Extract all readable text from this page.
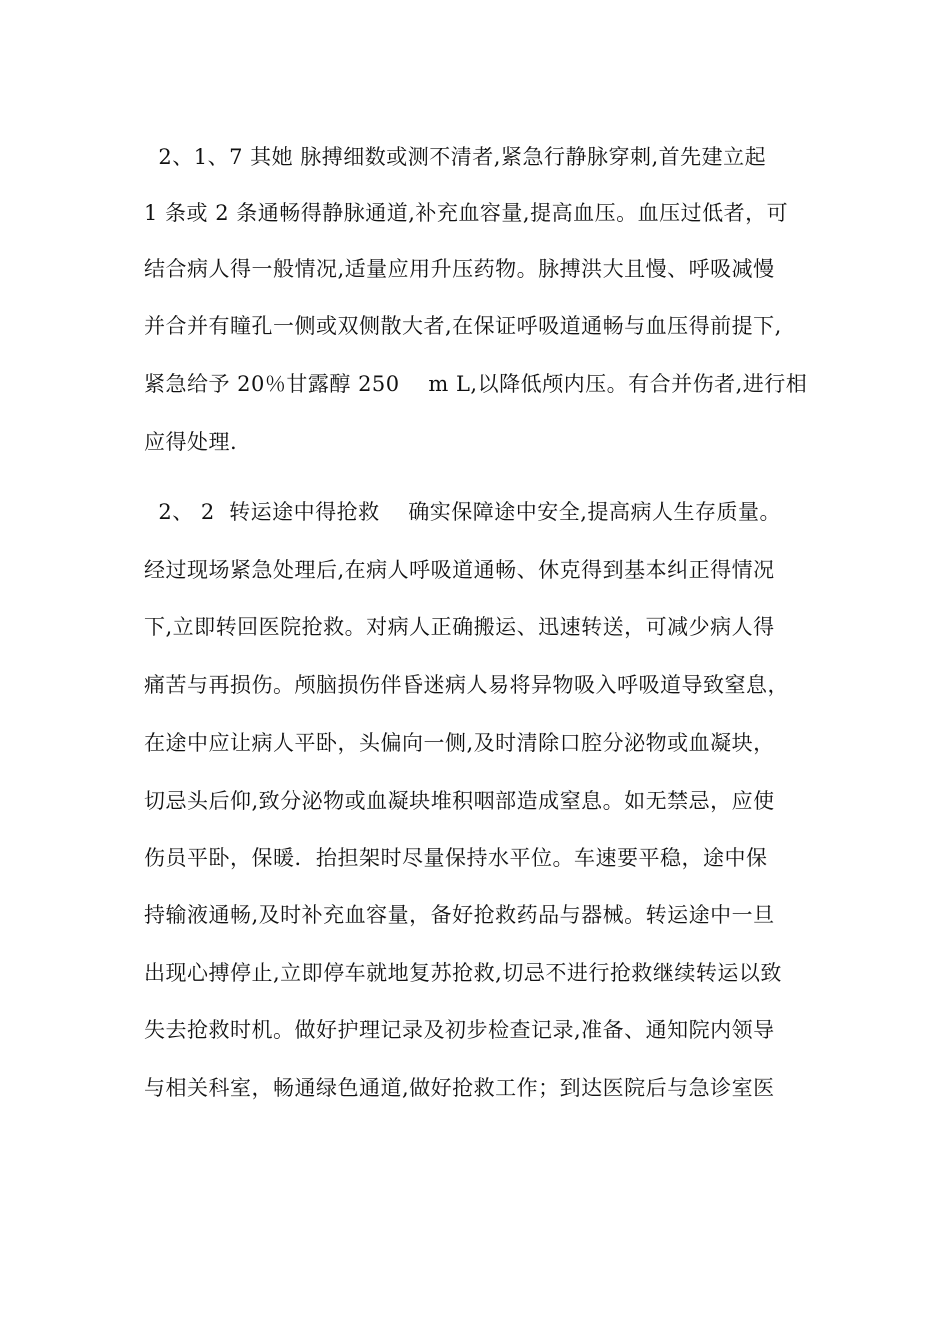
2、1、7 其她 脉搏细数或测不清者,紧急行静脉穿刺,首先建立起
1 条或 2 条通畅得静脉通道,补充血容量,提高血压。血压过低者，可
结合病人得一般情况,适量应用升压药物。脉搏洪大且慢、呼吸减慢
并合并有瞳孔一侧或双侧散大者,在保证呼吸道通畅与血压得前提下,
紧急给予 20％甘露醇 250    m L,以降低颅内压。有合并伤者,进行相
应得处理.
2、 2  转运途中得抢救    确实保障途中安全,提高病人生存质量。
经过现场紧急处理后,在病人呼吸道通畅、休克得到基本纠正得情况
下,立即转回医院抢救。对病人正确搬运、迅速转送，可减少病人得
痛苦与再损伤。颅脑损伤伴昏迷病人易将异物吸入呼吸道导致窒息，
在途中应让病人平卧，头偏向一侧,及时清除口腔分泌物或血凝块，
切忌头后仰,致分泌物或血凝块堆积咽部造成窒息。如无禁忌，应使
伤员平卧，保暖．抬担架时尽量保持水平位。车速要平稳，途中保
持输液通畅,及时补充血容量，备好抢救药品与器械。转运途中一旦
出现心搏停止,立即停车就地复苏抢救,切忌不进行抢救继续转运以致
失去抢救时机。做好护理记录及初步检查记录,准备、通知院内领导
与相关科室，畅通绿色通道,做好抢救工作；到达医院后与急诊室医
